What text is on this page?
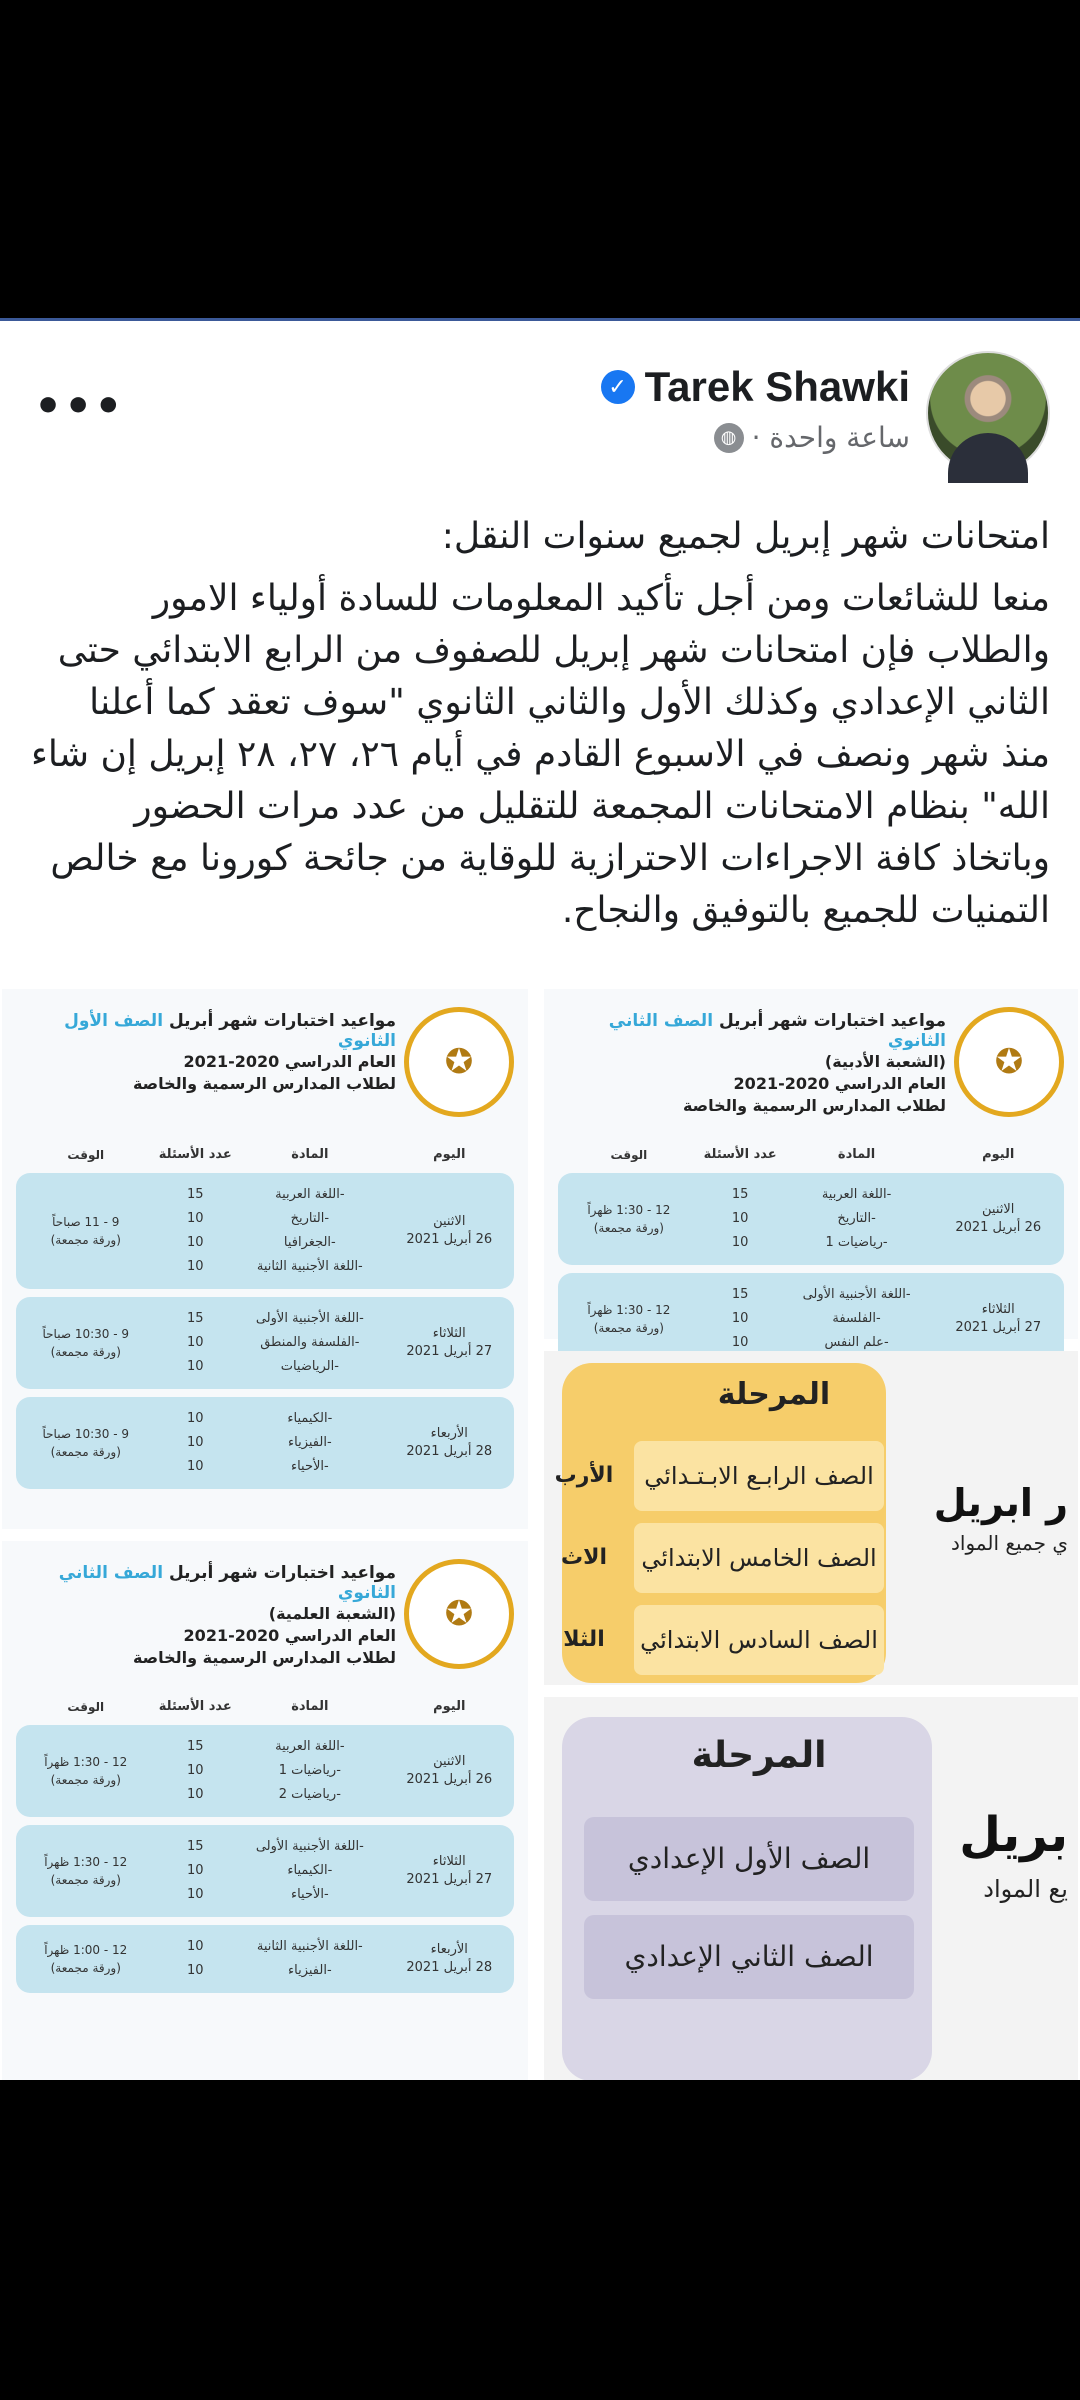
✓ Tarek Shawki
ساعة واحدة ·
◍
•••

امتحانات شهر إبريل لجميع سنوات النقل:

منعا للشائعات ومن أجل تأكيد المعلومات للسادة أولياء الامور والطلاب فإن امتحانات شهر إبريل للصفوف من الرابع الابتدائي حتى الثاني الإعدادي وكذلك الأول والثاني الثانوي "سوف تعقد كما أعلنا منذ شهر ونصف في الاسبوع القادم في أيام ٢٦، ٢٧، ٢٨ إبريل إن شاء الله" بنظام الامتحانات المجمعة للتقليل من عدد مرات الحضور وباتخاذ كافة الاجراءات الاحترازية للوقاية من جائحة كورونا مع خالص التمنيات للجميع بالتوفيق والنجاح.

✪
مواعيد اختبارات شهر أبريل الصف الأول الثانوي
العام الدراسي 2020-2021
لطلاب المدارس الرسمية والخاصة
اليوم
المادة
عدد الأسئلة
الوقت
الاثنين
26 أبريل 2021
-اللغة العربية
-التاريخ
-الجغرافيا
-اللغة الأجنبية الثانية
15
10
10
10
9 - 11 صباحاً
(ورقة مجمعة)
الثلاثاء
27 أبريل 2021
-اللغة الأجنبية الأولى
-الفلسفة والمنطق
-الرياضيات
15
10
10
9 - 10:30 صباحاً
(ورقة مجمعة)
الأربعاء
28 أبريل 2021
-الكيمياء
-الفيزياء
-الأحياء
10
10
10
9 - 10:30 صباحاً
(ورقة مجمعة)
✪
مواعيد اختبارات شهر أبريل الصف الثاني الثانوي
(الشعبة الأدبية)
العام الدراسي 2020-2021
لطلاب المدارس الرسمية والخاصة
اليوم
المادة
عدد الأسئلة
الوقت
الاثنين
26 أبريل 2021
-اللغة العربية
-التاريخ
-رياضيات 1
15
10
10
12 - 1:30 ظهراً
(ورقة مجمعة)
الثلاثاء
27 أبريل 2021
-اللغة الأجنبية الأولى
-الفلسفة
-علم النفس
15
10
10
12 - 1:30 ظهراً
(ورقة مجمعة)
المرحلة
الصف الرابـع الابـتـدائي
الصف الخامس الابتدائي
الصف السادس الابتدائي
الأرب
الاث
الثلا
ر ابريل
ي جميع المواد
✪
مواعيد اختبارات شهر أبريل الصف الثاني الثانوي
(الشعبة العلمية)
العام الدراسي 2020-2021
لطلاب المدارس الرسمية والخاصة
اليوم
المادة
عدد الأسئلة
الوقت
الاثنين
26 أبريل 2021
-اللغة العربية
-رياضيات 1
-رياضيات 2
15
10
10
12 - 1:30 ظهراً
(ورقة مجمعة)
الثلاثاء
27 أبريل 2021
-اللغة الأجنبية الأولى
-الكيمياء
-الأحياء
15
10
10
12 - 1:30 ظهراً
(ورقة مجمعة)
الأربعاء
28 أبريل 2021
-اللغة الأجنبية الثانية
-الفيزياء
10
10
12 - 1:00 ظهراً
(ورقة مجمعة)
المرحلة
الصف الأول الإعدادي
الصف الثاني الإعدادي
بريل
يع المواد
